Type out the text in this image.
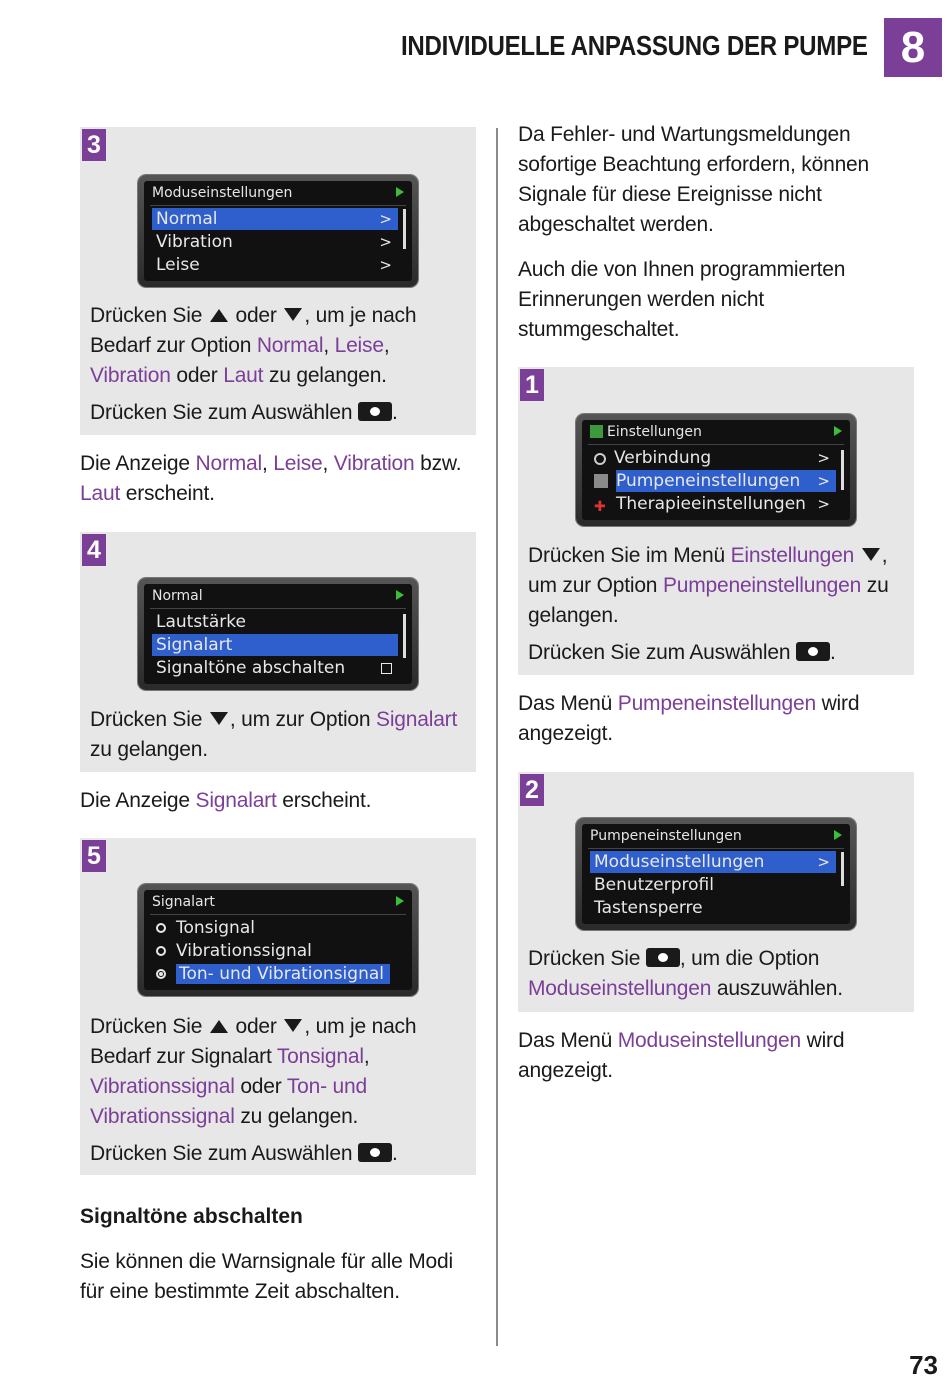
INDIVIDUELLE ANPASSUNG DER PUMPE 8
3
Moduseinstellungen
Normal	>
Vibration	>
Leise	>
Drücken Sie oder , um je nach Bedarf zur Option Normal, Leise, Vibration oder Laut zu gelangen.
Drücken Sie zum Auswählen .
Die Anzeige Normal, Leise, Vibration bzw. Laut erscheint.
4
Normal
Lautstärke
Signalart
Signaltöne abschalten
Drücken Sie , um zur Option Signalart zu gelangen.
Die Anzeige Signalart erscheint.
5
Signalart
Tonsignal
Vibrationssignal
Ton- und Vibrationsignal
Drücken Sie oder , um je nach Bedarf zur Signalart Tonsignal, Vibrationssignal oder Ton- und Vibrationssignal zu gelangen.
Drücken Sie zum Auswählen .
Signaltöne abschalten
Sie können die Warnsignale für alle Modi für eine bestimmte Zeit abschalten.
Da Fehler- und Wartungsmeldungen sofortige Beachtung erfordern, können Signale für diese Ereignisse nicht abgeschaltet werden.
Auch die von Ihnen programmierten Erinnerungen werden nicht stummgeschaltet.
1
Einstellungen
Verbindung	>
Pumpeneinstellungen >
✚ Therapieeinstellungen >
Drücken Sie im Menü Einstellungen , um zur Option Pumpeneinstellungen zu gelangen.
Drücken Sie zum Auswählen .
Das Menü Pumpeneinstellungen wird angezeigt.
2
Pumpeneinstellungen
Moduseinstellungen	>
Benutzerprofil
Tastensperre
Drücken Sie , um die Option Moduseinstellungen auszuwählen.
Das Menü Moduseinstellungen wird angezeigt.
73
